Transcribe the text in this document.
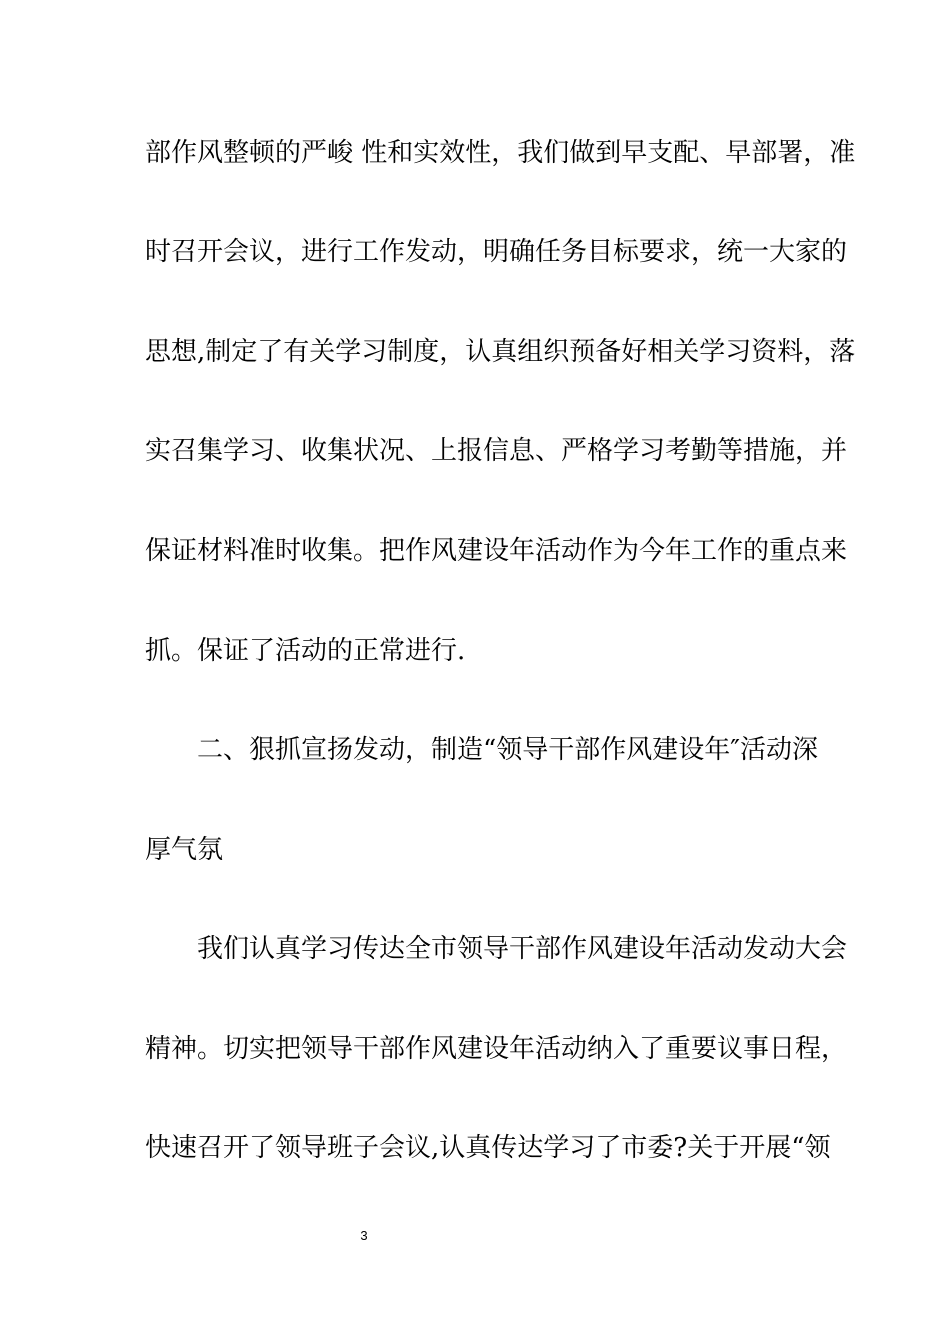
部作风整顿的严峻 性和实效性，我们做到早支配、早部署，准
时召开会议，进行工作发动，明确任务目标要求，统一大家的
思想,制定了有关学习制度，认真组织预备好相关学习资料，落
实召集学习、收集状况、上报信息、严格学习考勤等措施，并
保证材料准时收集。把作风建设年活动作为今年工作的重点来
抓。保证了活动的正常进行.
二、狠抓宣扬发动，制造“领导干部作风建设年″活动深
厚气氛
我们认真学习传达全市领导干部作风建设年活动发动大会
精神。切实把领导干部作风建设年活动纳入了重要议事日程，
快速召开了领导班子会议,认真传达学习了市委?关于开展“领
3
